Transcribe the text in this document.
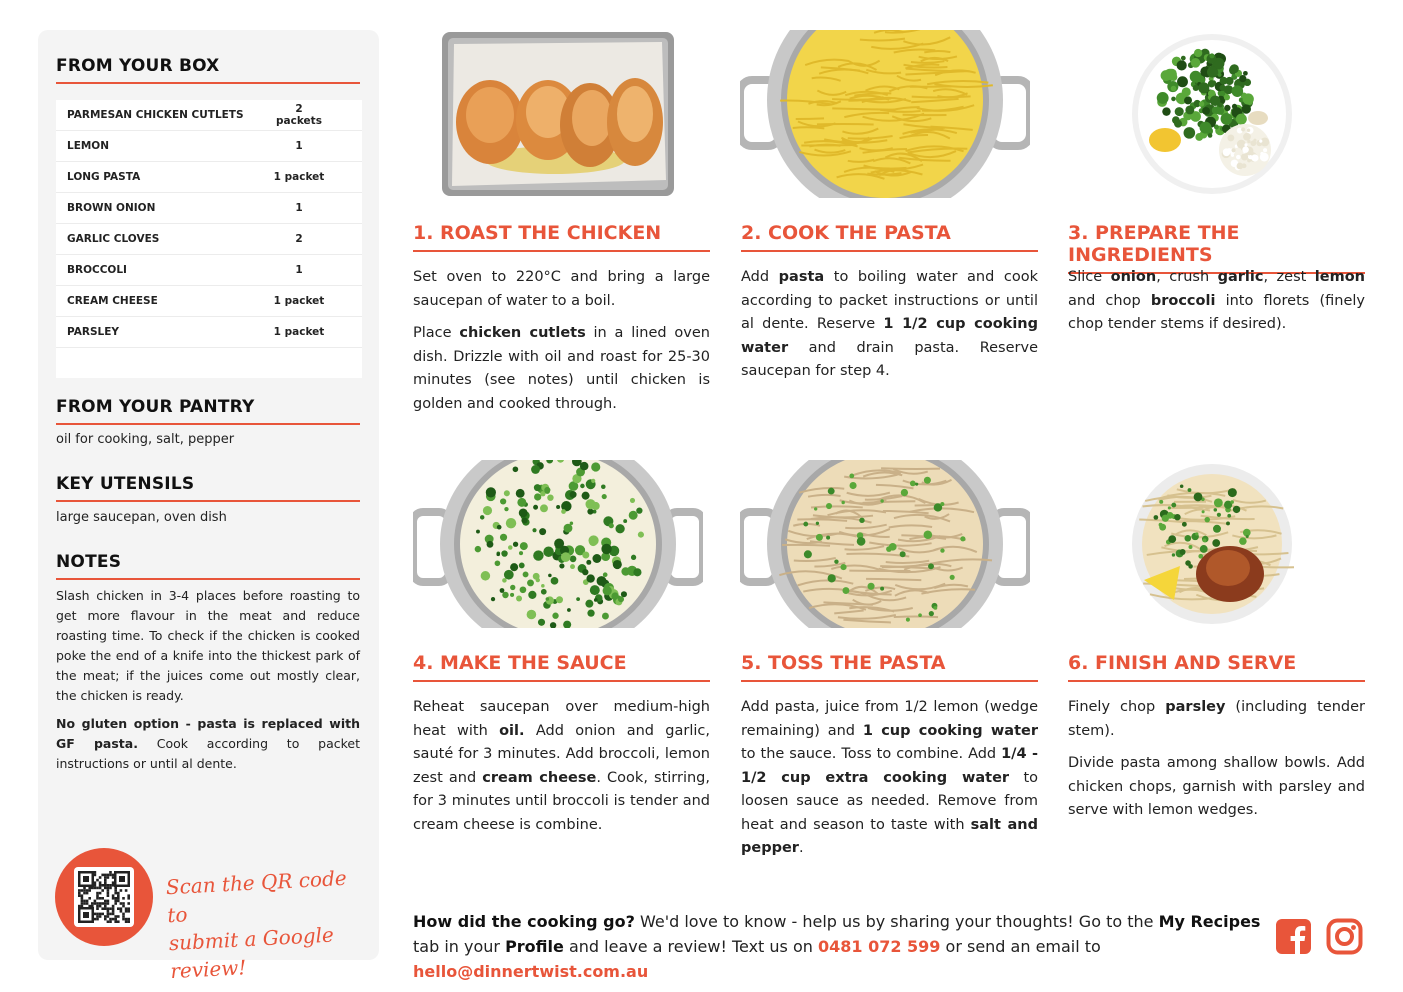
FROM YOUR BOX
PARMESAN CHICKEN CUTLETS	2 packets
LEMON	1
LONG PASTA	1 packet
BROWN ONION	1
GARLIC CLOVES	2
BROCCOLI	1
CREAM CHEESE	1 packet
PARSLEY	1 packet

FROM YOUR PANTRY

oil for cooking, salt, pepper

KEY UTENSILS

large saucepan, oven dish

NOTES

Slash chicken in 3-4 places before roasting to get more flavour in the meat and reduce roasting time. To check if the chicken is cooked poke the end of a knife into the thickest park of the meat; if the juices come out mostly clear, the chicken is ready.

No gluten option - pasta is replaced with GF pasta. Cook according to packet instructions or until al dente.

Scan the QR code to
submit a Google review!
1. ROAST THE CHICKEN

Set oven to 220°C and bring a large saucepan of water to a boil.

Place chicken cutlets in a lined oven dish. Drizzle with oil and roast for 25-30 minutes (see notes) until chicken is golden and cooked through.

2. COOK THE PASTA

Add pasta to boiling water and cook according to packet instructions or until al dente. Reserve 1 1/2 cup cooking water and drain pasta. Reserve saucepan for step 4.

3. PREPARE THE INGREDIENTS

Slice onion, crush garlic, zest lemon and chop broccoli into florets (finely chop tender stems if desired).

4. MAKE THE SAUCE

Reheat saucepan over medium-high heat with oil. Add onion and garlic, sauté for 3 minutes. Add broccoli, lemon zest and cream cheese. Cook, stirring, for 3 minutes until broccoli is tender and cream cheese is combine.

5. TOSS THE PASTA

Add pasta, juice from 1/2 lemon (wedge remaining) and 1 cup cooking water to the sauce. Toss to combine. Add 1/4 - 1/2 cup extra cooking water to loosen sauce as needed. Remove from heat and season to taste with salt and pepper.

6. FINISH AND SERVE

Finely chop parsley (including tender stem).

Divide pasta among shallow bowls. Add chicken chops, garnish with parsley and serve with lemon wedges.

How did the cooking go? We'd love to know - help us by sharing your thoughts! Go to the My Recipes tab in your Profile and leave a review! Text us on 0481 072 599 or send an email to hello@dinnertwist.com.au
